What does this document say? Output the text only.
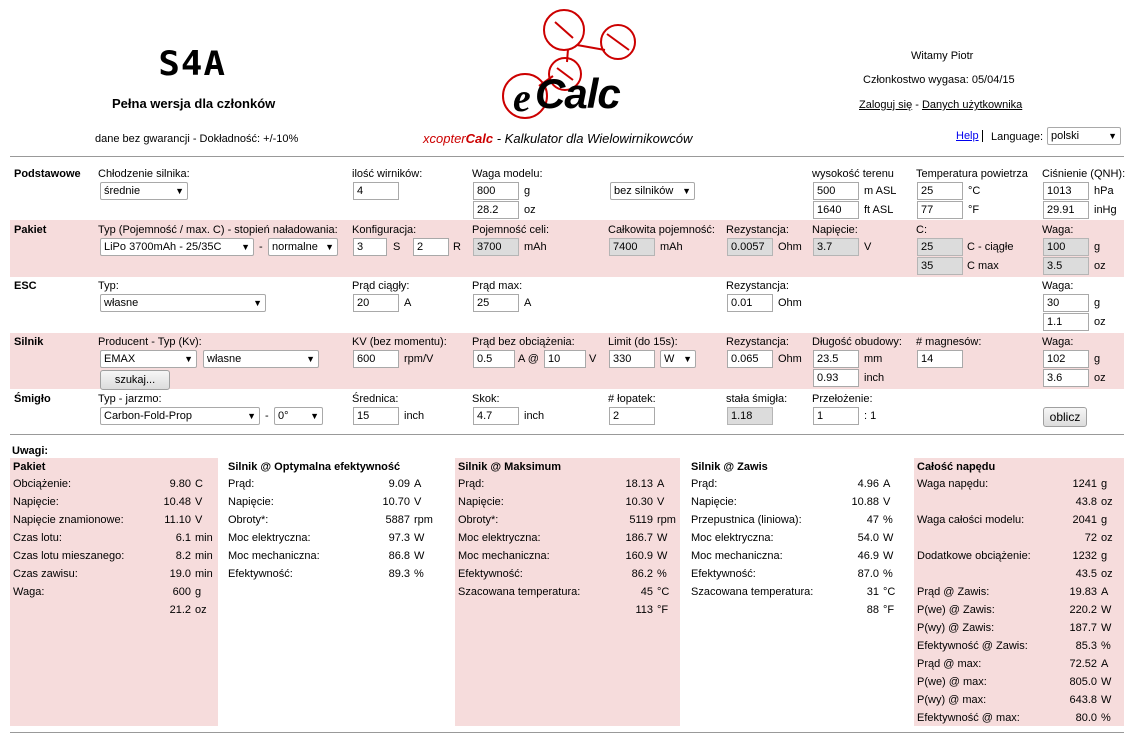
S4A
Pełna wersja dla członków
dane bez gwarancji - Dokładność: +/-10%
e Calc
xcopterCalc - Kalkulator dla Wielowirnikowców
Witamy Piotr
Członkostwo wygasa: 05/04/15
Zaloguj się - Danych użytkownika
Help Language: polski	▼
Podstawowe Chłodzenie silnika:
średnie	▼
ilość wirników:
4
Waga modelu:
800	g
28.2	oz
bez silników ▼
wysokość terenu
500	m ASL
1640	ft ASL
Temperatura powietrza
25	°C
77	°F
Ciśnienie (QNH):
1013	hPa
29.91	inHg
Pakiet	Typ (Pojemność / max. C) - stopień naładowania:
LiPo 3700mAh - 25/35C ▼ - normalne ▼
Konfiguracja:
3	S	2	R
Pojemność celi:
3700	mAh
Całkowita pojemność:
7400	mAh
Rezystancja:
0.0057	Ohm
Napięcie:
3.7	V
C:
25	C - ciągłe
35	C max
Waga:
100	g
3.5	oz
ESC	Typ:
własne	▼
Prąd ciągły:
20	A
Prąd max:
25	A
Rezystancja:
0.01	Ohm
Waga:
30	g
1.1	oz
Silnik	Producent - Typ (Kv):
EMAX	▼	własne	▼
szukaj...
KV (bez momentu):
600	rpm/V
Prąd bez obciążenia:
0.5	A @ 10	V
Limit (do 15s):
330	W ▼
Rezystancja:
0.065	Ohm
Długość obudowy:
23.5	mm
0.93	inch
# magnesów:
14
Waga:
102	g
3.6	oz
Śmigło	Typ - jarzmo:
Carbon-Fold-Prop	▼ - 0° ▼
Średnica:
15	inch
Skok:
4.7	inch
# łopatek:
2
stała śmigła:
1.18
Przełożenie:
1	: 1	oblicz
Uwagi:
Pakiet
Obciążenie:	9.80 C
Napięcie:	10.48 V
Napięcie znamionowe:	11.10 V
Czas lotu:	6.1 min
Czas lotu mieszanego:	8.2 min
Czas zawisu:	19.0 min
Waga:	600 g
21.2 oz
Silnik @ Optymalna efektywność
Prąd:	9.09 A
Napięcie:	10.70 V
Obroty*:	5887 rpm
Moc elektryczna:	97.3 W
Moc mechaniczna:	86.8 W
Efektywność:	89.3 %
Silnik @ Maksimum
Prąd:	18.13 A
Napięcie:	10.30 V
Obroty*:	5119 rpm
Moc elektryczna:	186.7 W
Moc mechaniczna:	160.9 W
Efektywność:	86.2 %
Szacowana temperatura:	45 °C
113 °F
Silnik @ Zawis
Prąd:	4.96 A
Napięcie:	10.88 V
Przepustnica (liniowa):	47 %
Moc elektryczna:	54.0 W
Moc mechaniczna:	46.9 W
Efektywność:	87.0 %
Szacowana temperatura:	31 °C
88 °F
Całość napędu
Waga napędu:	1241 g
43.8 oz
Waga całości modelu:	2041 g
72 oz
Dodatkowe obciążenie:	1232 g
43.5 oz
Prąd @ Zawis:	19.83 A
P(we) @ Zawis:	220.2 W
P(wy) @ Zawis:	187.7 W
Efektywność @ Zawis:	85.3 %
Prąd @ max:	72.52 A
P(we) @ max:	805.0 W
P(wy) @ max:	643.8 W
Efektywność @ max:	80.0 %
